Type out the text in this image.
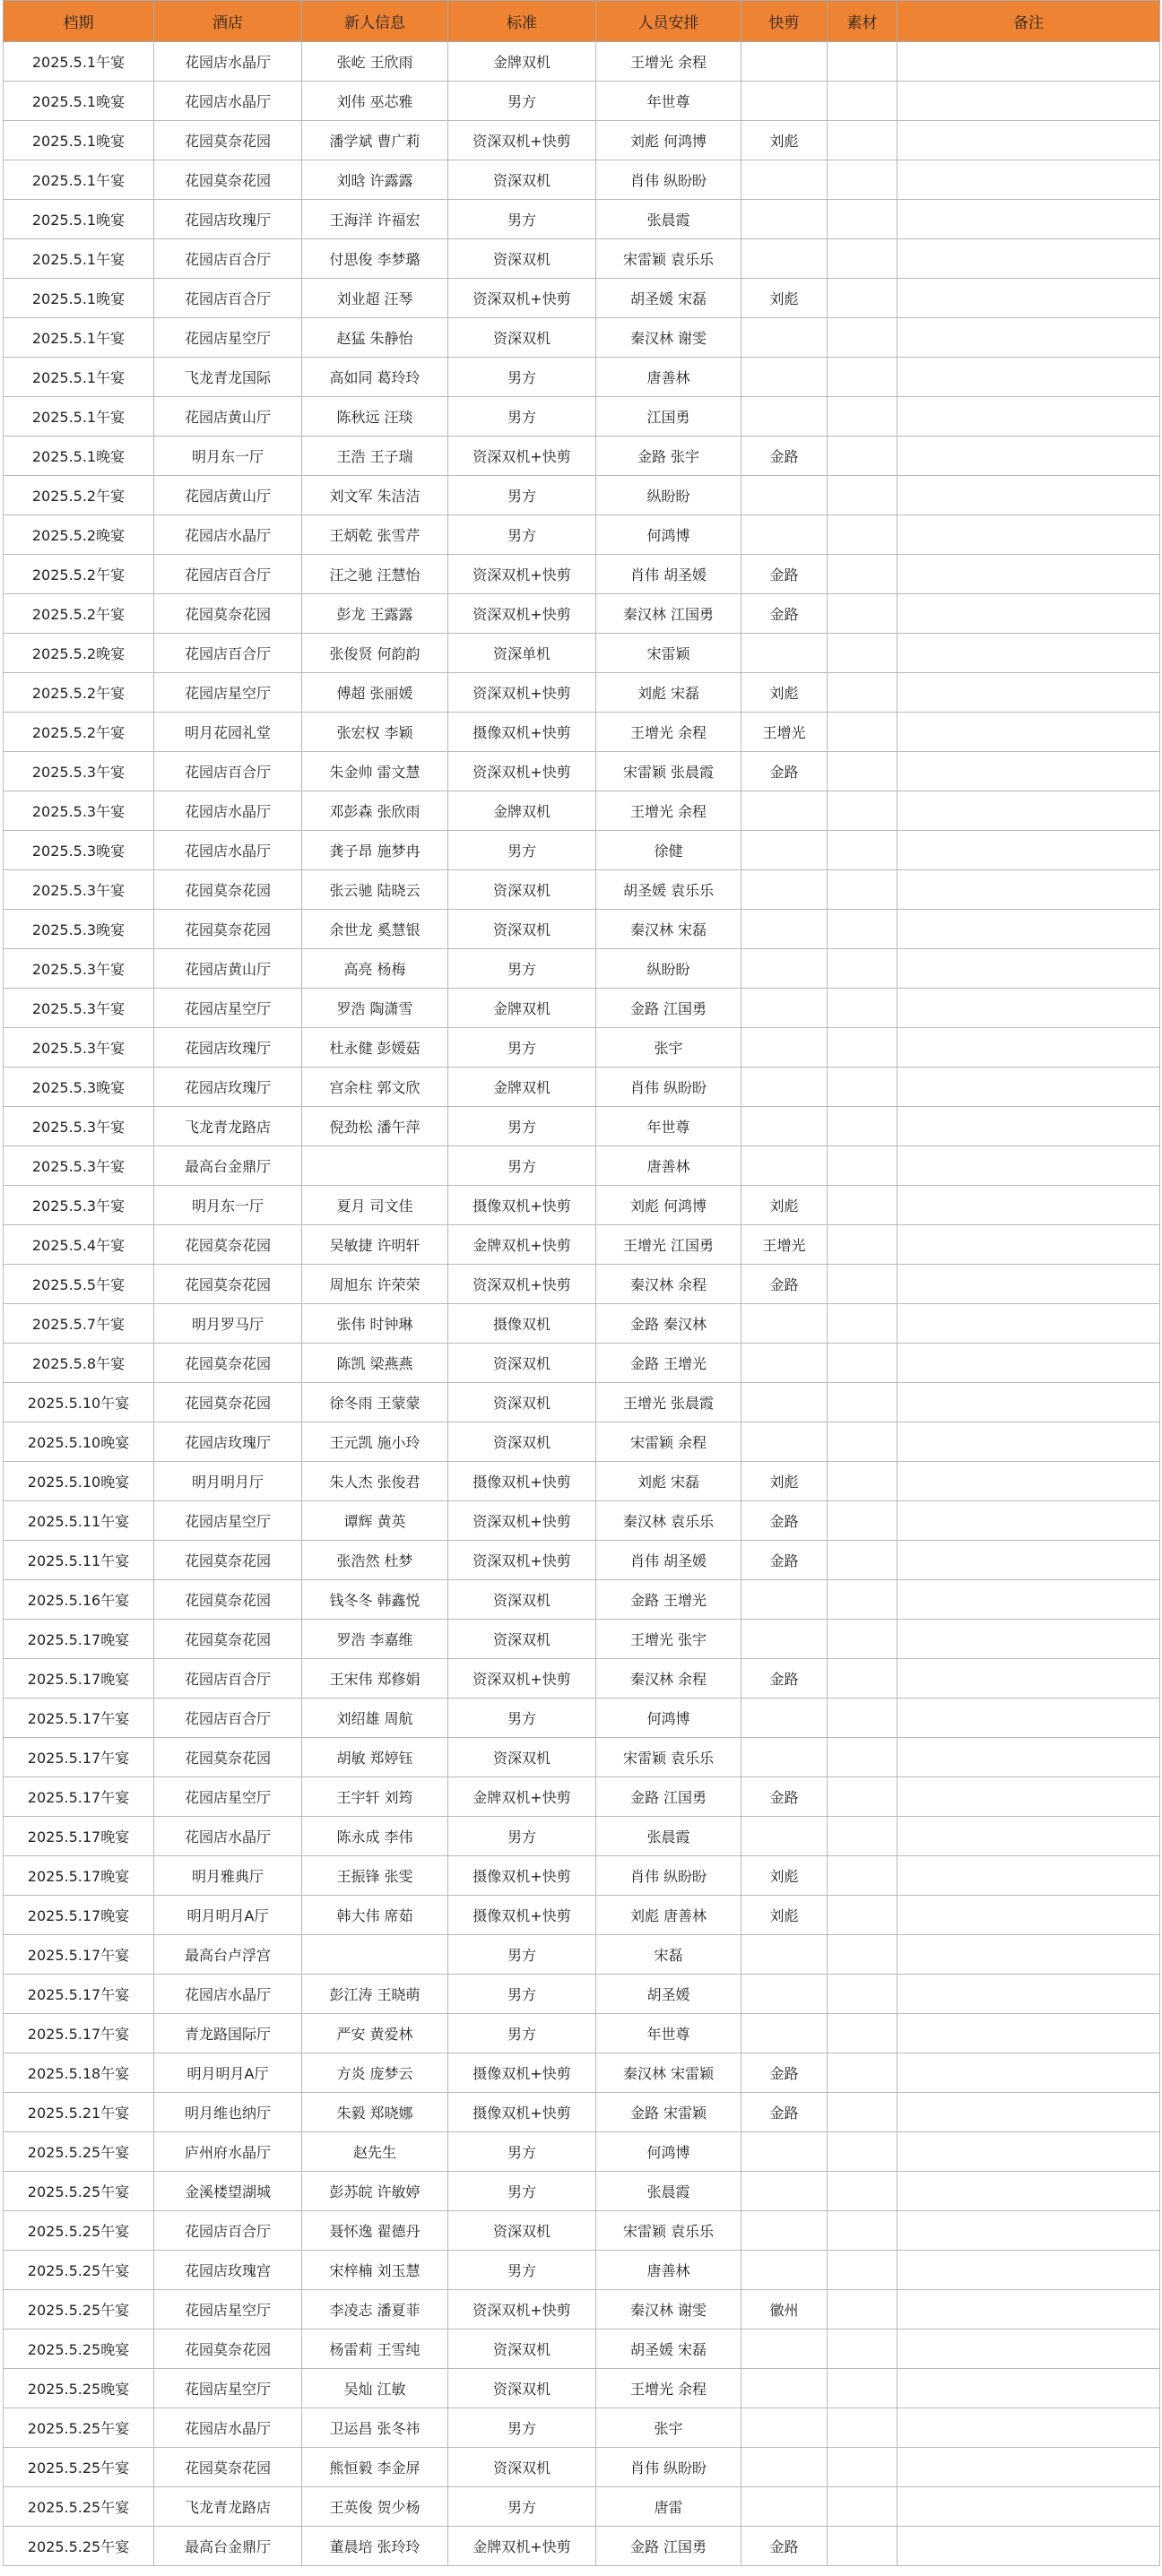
档期	酒店	新人信息	标准	人员安排	快剪	素材	备注
2025.5.1午宴	花园店水晶厅	张屹 王欣雨	金牌双机	王增光 余程			
2025.5.1晚宴	花园店水晶厅	刘伟 巫芯雅	男方	年世尊			
2025.5.1晚宴	花园莫奈花园	潘学斌 曹广莉	资深双机+快剪	刘彪 何鸿博	刘彪		
2025.5.1午宴	花园莫奈花园	刘晗 许露露	资深双机	肖伟 纵盼盼			
2025.5.1晚宴	花园店玫瑰厅	王海洋 许福宏	男方	张晨霞			
2025.5.1午宴	花园店百合厅	付思俊 李梦璐	资深双机	宋雷颖 袁乐乐			
2025.5.1晚宴	花园店百合厅	刘业超 汪琴	资深双机+快剪	胡圣媛 宋磊	刘彪		
2025.5.1午宴	花园店星空厅	赵猛 朱静怡	资深双机	秦汉林 谢雯			
2025.5.1午宴	飞龙青龙国际	高如同 葛玲玲	男方	唐善林			
2025.5.1午宴	花园店黄山厅	陈秋远 汪琰	男方	江国勇			
2025.5.1晚宴	明月东一厅	王浩 王子瑞	资深双机+快剪	金路 张宇	金路		
2025.5.2午宴	花园店黄山厅	刘文军 朱洁洁	男方	纵盼盼			
2025.5.2晚宴	花园店水晶厅	王炳乾 张雪芹	男方	何鸿博			
2025.5.2午宴	花园店百合厅	汪之驰 汪慧怡	资深双机+快剪	肖伟 胡圣媛	金路		
2025.5.2午宴	花园莫奈花园	彭龙 王露露	资深双机+快剪	秦汉林 江国勇	金路		
2025.5.2晚宴	花园店百合厅	张俊贤 何韵韵	资深单机	宋雷颖			
2025.5.2午宴	花园店星空厅	傅超 张丽媛	资深双机+快剪	刘彪 宋磊	刘彪		
2025.5.2午宴	明月花园礼堂	张宏权 李颖	摄像双机+快剪	王增光 余程	王增光		
2025.5.3午宴	花园店百合厅	朱金帅 雷文慧	资深双机+快剪	宋雷颖 张晨霞	金路		
2025.5.3午宴	花园店水晶厅	邓彭森 张欣雨	金牌双机	王增光 余程			
2025.5.3晚宴	花园店水晶厅	龚子昂 施梦冉	男方	徐健			
2025.5.3午宴	花园莫奈花园	张云驰 陆晓云	资深双机	胡圣媛 袁乐乐			
2025.5.3晚宴	花园莫奈花园	余世龙 奚慧银	资深双机	秦汉林 宋磊			
2025.5.3午宴	花园店黄山厅	高亮 杨梅	男方	纵盼盼			
2025.5.3午宴	花园店星空厅	罗浩 陶潇雪	金牌双机	金路 江国勇			
2025.5.3午宴	花园店玫瑰厅	杜永健 彭媛菇	男方	张宇			
2025.5.3晚宴	花园店玫瑰厅	宫余柱 郭文欣	金牌双机	肖伟 纵盼盼			
2025.5.3午宴	飞龙青龙路店	倪劲松 潘午萍	男方	年世尊			
2025.5.3午宴	最高台金鼎厅		男方	唐善林			
2025.5.3午宴	明月东一厅	夏月 司文佳	摄像双机+快剪	刘彪 何鸿博	刘彪		
2025.5.4午宴	花园莫奈花园	吴敏捷 许明轩	金牌双机+快剪	王增光 江国勇	王增光		
2025.5.5午宴	花园莫奈花园	周旭东 许荣荣	资深双机+快剪	秦汉林 余程	金路		
2025.5.7午宴	明月罗马厅	张伟 时钟琳	摄像双机	金路 秦汉林			
2025.5.8午宴	花园莫奈花园	陈凯 梁燕燕	资深双机	金路 王增光			
2025.5.10午宴	花园莫奈花园	徐冬雨 王蒙蒙	资深双机	王增光 张晨霞			
2025.5.10晚宴	花园店玫瑰厅	王元凯 施小玲	资深双机	宋雷颖 余程			
2025.5.10晚宴	明月明月厅	朱人杰 张俊君	摄像双机+快剪	刘彪 宋磊	刘彪		
2025.5.11午宴	花园店星空厅	谭辉 黄英	资深双机+快剪	秦汉林 袁乐乐	金路		
2025.5.11午宴	花园莫奈花园	张浩然 杜梦	资深双机+快剪	肖伟 胡圣媛	金路		
2025.5.16午宴	花园莫奈花园	钱冬冬 韩鑫悦	资深双机	金路 王增光			
2025.5.17晚宴	花园莫奈花园	罗浩 李嘉维	资深双机	王增光 张宇			
2025.5.17晚宴	花园店百合厅	王宋伟 郑修娟	资深双机+快剪	秦汉林 余程	金路		
2025.5.17午宴	花园店百合厅	刘绍雄 周航	男方	何鸿博			
2025.5.17午宴	花园莫奈花园	胡敏 郑婷钰	资深双机	宋雷颖 袁乐乐			
2025.5.17午宴	花园店星空厅	王宇轩 刘筠	金牌双机+快剪	金路 江国勇	金路		
2025.5.17晚宴	花园店水晶厅	陈永成 李伟	男方	张晨霞			
2025.5.17晚宴	明月雅典厅	王振锋 张雯	摄像双机+快剪	肖伟 纵盼盼	刘彪		
2025.5.17晚宴	明月明月A厅	韩大伟 席茹	摄像双机+快剪	刘彪 唐善林	刘彪		
2025.5.17午宴	最高台卢浮宫		男方	宋磊			
2025.5.17午宴	花园店水晶厅	彭江涛 王晓萌	男方	胡圣媛			
2025.5.17午宴	青龙路国际厅	严安 黄爱林	男方	年世尊			
2025.5.18午宴	明月明月A厅	方炎 庞梦云	摄像双机+快剪	秦汉林 宋雷颖	金路		
2025.5.21午宴	明月维也纳厅	朱毅 郑晓娜	摄像双机+快剪	金路 宋雷颖	金路		
2025.5.25午宴	庐州府水晶厅	赵先生	男方	何鸿博			
2025.5.25午宴	金溪楼望湖城	彭苏皖 许敏婷	男方	张晨霞			
2025.5.25午宴	花园店百合厅	聂怀逸 翟德丹	资深双机	宋雷颖 袁乐乐			
2025.5.25午宴	花园店玫瑰宫	宋梓楠 刘玉慧	男方	唐善林			
2025.5.25午宴	花园店星空厅	李凌志 潘夏菲	资深双机+快剪	秦汉林 谢雯	徽州		
2025.5.25晚宴	花园莫奈花园	杨雷莉 王雪纯	资深双机	胡圣媛 宋磊			
2025.5.25晚宴	花园店星空厅	吴灿 江敏	资深双机	王增光 余程			
2025.5.25午宴	花园店水晶厅	卫运昌 张冬祎	男方	张宇			
2025.5.25午宴	花园莫奈花园	熊恒毅 李金屏	资深双机	肖伟 纵盼盼			
2025.5.25午宴	飞龙青龙路店	王英俊 贺少杨	男方	唐雷			
2025.5.25午宴	最高台金鼎厅	董晨培 张玲玲	金牌双机+快剪	金路 江国勇	金路		
